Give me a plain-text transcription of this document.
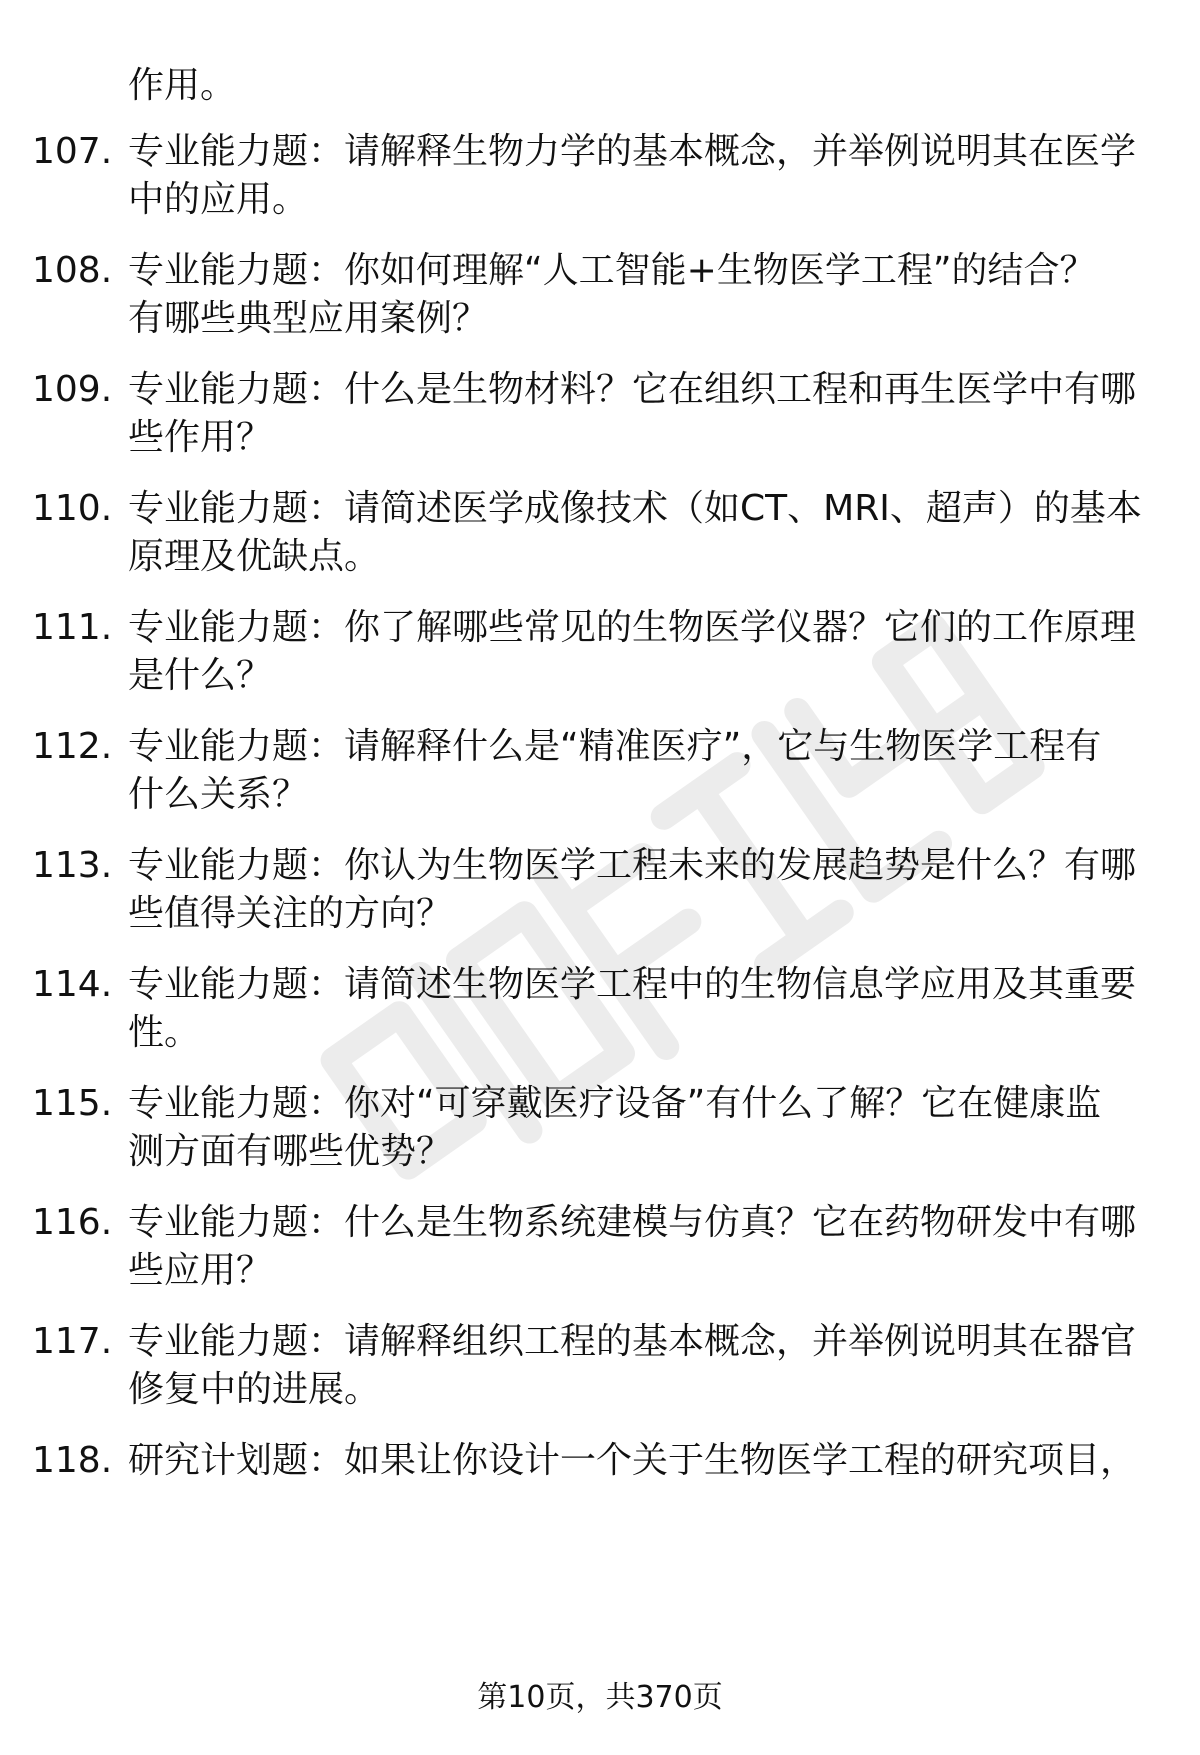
作用。
107. 专业能力题：请解释生物力学的基本概念，并举例说明其在医学
中的应用。
108. 专业能力题：你如何理解“人工智能+生物医学工程”的结合？
有哪些典型应用案例？
109. 专业能力题：什么是生物材料？它在组织工程和再生医学中有哪
些作用？
110. 专业能力题：请简述医学成像技术（如CT、MRI、超声）的基本
原理及优缺点。
111. 专业能力题：你了解哪些常见的生物医学仪器？它们的工作原理
是什么？
112. 专业能力题：请解释什么是“精准医疗”，它与生物医学工程有
什么关系？
113. 专业能力题：你认为生物医学工程未来的发展趋势是什么？有哪
些值得关注的方向？
114. 专业能力题：请简述生物医学工程中的生物信息学应用及其重要
性。
115. 专业能力题：你对“可穿戴医疗设备”有什么了解？它在健康监
测方面有哪些优势？
116. 专业能力题：什么是生物系统建模与仿真？它在药物研发中有哪
些应用？
117. 专业能力题：请解释组织工程的基本概念，并举例说明其在器官
修复中的进展。
118. 研究计划题：如果让你设计一个关于生物医学工程的研究项目，
第10页，共370页
